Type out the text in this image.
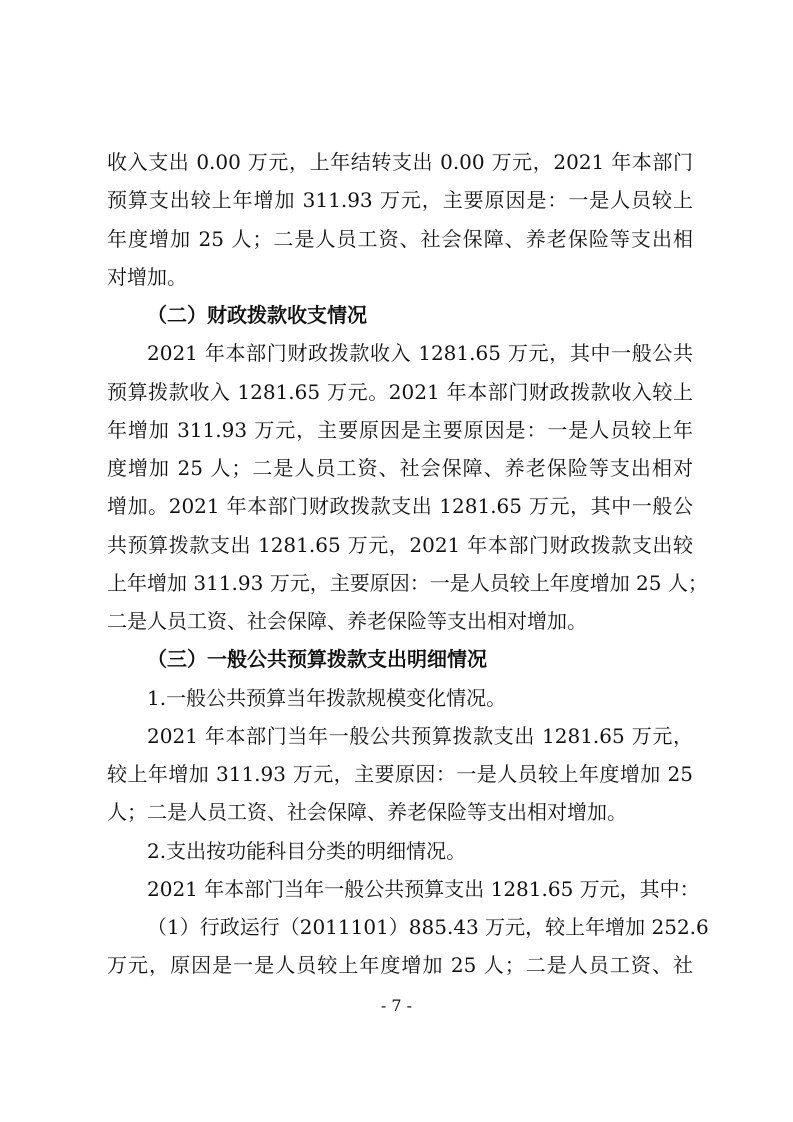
收入支出 0.00 万元，上年结转支出 0.00 万元，2021 年本部门
预算支出较上年增加 311.93 万元，主要原因是：一是人员较上
年度增加 25 人；二是人员工资、社会保障、养老保险等支出相
对增加。
（二）财政拨款收支情况
2021 年本部门财政拨款收入 1281.65 万元，其中一般公共
预算拨款收入 1281.65 万元。2021 年本部门财政拨款收入较上
年增加 311.93 万元，主要原因是主要原因是：一是人员较上年
度增加 25 人；二是人员工资、社会保障、养老保险等支出相对
增加。2021 年本部门财政拨款支出 1281.65 万元，其中一般公
共预算拨款支出 1281.65 万元，2021 年本部门财政拨款支出较
上年增加 311.93 万元，主要原因：一是人员较上年度增加 25 人；
二是人员工资、社会保障、养老保险等支出相对增加。
（三）一般公共预算拨款支出明细情况
1.一般公共预算当年拨款规模变化情况。
2021 年本部门当年一般公共预算拨款支出 1281.65 万元，
较上年增加 311.93 万元，主要原因：一是人员较上年度增加 25
人；二是人员工资、社会保障、养老保险等支出相对增加。
2.支出按功能科目分类的明细情况。
2021 年本部门当年一般公共预算支出 1281.65 万元，其中：
（1）行政运行（2011101）885.43 万元，较上年增加 252.6
万元，原因是一是人员较上年度增加 25 人；二是人员工资、社
- 7 -
